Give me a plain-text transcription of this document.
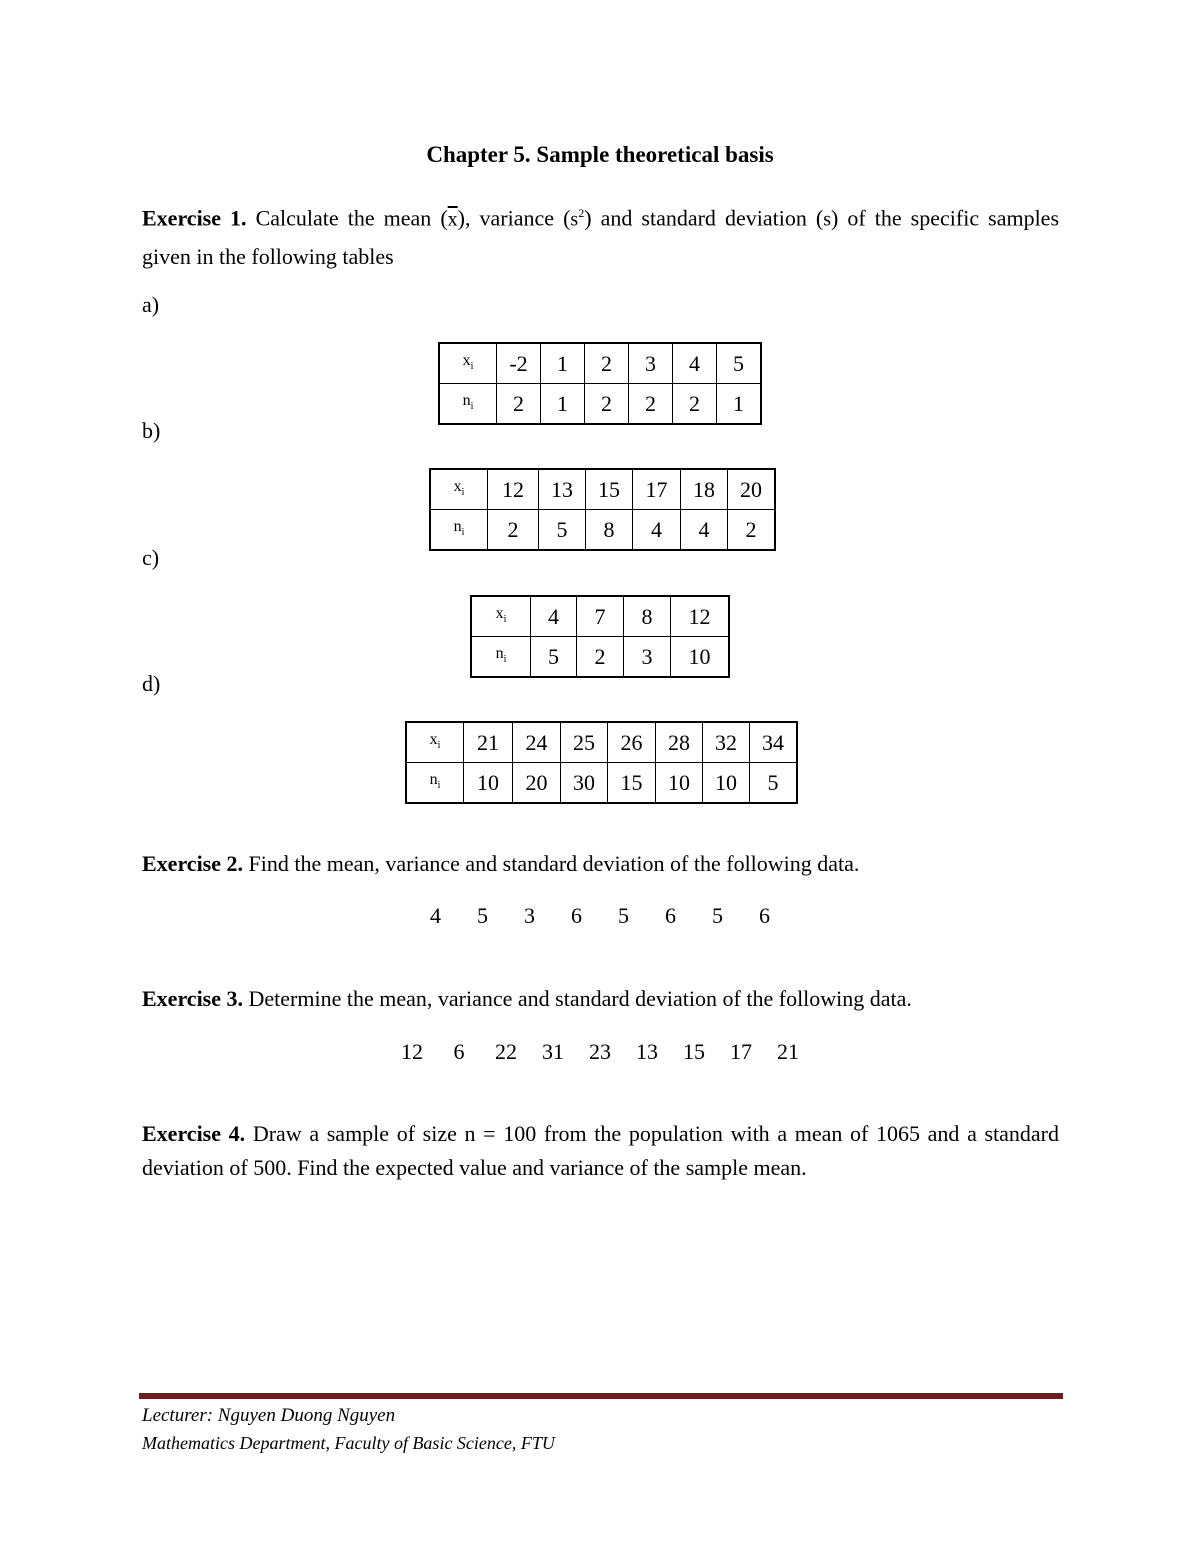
Chapter 5. Sample theoretical basis
Exercise 1. Calculate the mean $(\overline{x})$, variance $(s^2)$ and standard deviation (s) of the specific samples given in the following tables
a)
$x_i$	-2	1	2	3	4	5
$n_i$	2	1	2	2	2	1
b)
$x_i$	12	13	15	17	18	20
$n_i$	2	5	8	4	4	2
c)
$x_i$	4	7	8	12
$n_i$	5	2	3	10
d)
$x_i$	21	24	25	26	28	32	34
$n_i$	10	20	30	15	10	10	5
Exercise 2. Find the mean, variance and standard deviation of the following data.
4 5 3 6 5 6 5 6
Exercise 3. Determine the mean, variance and standard deviation of the following data.
12 6 22 31 23 13 15 17 21
Exercise 4. Draw a sample of size n = 100 from the population with a mean of 1065 and a standard deviation of 500. Find the expected value and variance of the sample mean.
Lecturer: Nguyen Duong Nguyen
Mathematics Department, Faculty of Basic Science, FTU
